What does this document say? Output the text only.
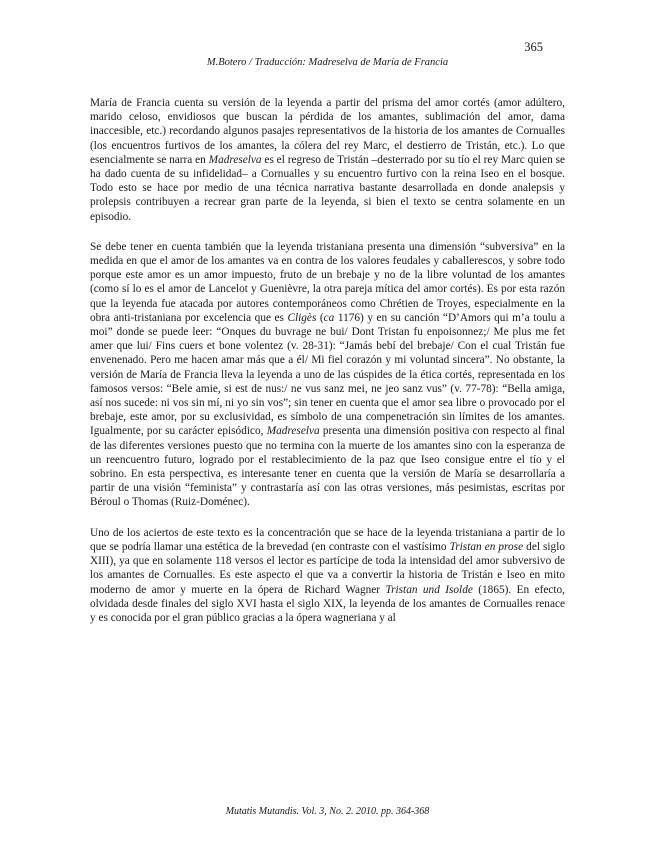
365
M.Botero / Traducción: Madreselva de María de Francia

María de Francia cuenta su versión de la leyenda a partir del prisma del amor cortés (amor adúltero, marido celoso, envidiosos que buscan la pérdida de los amantes, sublimación del amor, dama inaccesible, etc.) recordando algunos pasajes representativos de la historia de los amantes de Cornualles (los encuentros furtivos de los amantes, la cólera del rey Marc, el destierro de Tristán, etc.). Lo que esencialmente se narra en Madreselva es el regreso de Tristán –desterrado por su tío el rey Marc quien se ha dado cuenta de su infidelidad– a Cornualles y su encuentro furtivo con la reina Iseo en el bosque. Todo esto se hace por medio de una técnica narrativa bastante desarrollada en donde analepsis y prolepsis contribuyen a recrear gran parte de la leyenda, si bien el texto se centra solamente en un episodio.

Se debe tener en cuenta también que la leyenda tristaniana presenta una dimensión “subversiva” en la medida en que el amor de los amantes va en contra de los valores feudales y caballerescos, y sobre todo porque este amor es un amor impuesto, fruto de un brebaje y no de la libre voluntad de los amantes (como sí lo es el amor de Lancelot y Guenièvre, la otra pareja mítica del amor cortés). Es por esta razón que la leyenda fue atacada por autores contemporáneos como Chrétien de Troyes, especialmente en la obra anti-tristaniana por excelencia que es Cligès (ca 1176) y en su canción “D’Amors qui m’a toulu a moi” donde se puede leer: “Onques du buvrage ne bui/ Dont Tristan fu enpoisonnez;/ Me plus me fet amer que lui/ Fins cuers et bone volentez (v. 28-31): “Jamás bebí del brebaje/ Con el cual Tristán fue envenenado. Pero me hacen amar más que a él/ Mi fiel corazón y mi voluntad sincera”. No obstante, la versión de María de Francia lleva la leyenda a uno de las cúspides de la ética cortés, representada en los famosos versos: “Bele amie, si est de nus:/ ne vus sanz mei, ne jeo sanz vus” (v. 77-78): “Bella amiga, así nos sucede: ni vos sin mí, ni yo sin vos”; sin tener en cuenta que el amor sea libre o provocado por el brebaje, este amor, por su exclusividad, es símbolo de una compenetración sin límites de los amantes. Igualmente, por su carácter episódico, Madreselva presenta una dimensión positiva con respecto al final de las diferentes versiones puesto que no termina con la muerte de los amantes sino con la esperanza de un reencuentro futuro, logrado por el restablecimiento de la paz que Iseo consigue entre el tío y el sobrino. En esta perspectiva, es interesante tener en cuenta que la versión de María se desarrollaría a partir de una visión “feminista” y contrastaría así con las otras versiones, más pesimistas, escritas por Béroul o Thomas (Ruiz-Doménec).

Uno de los aciertos de este texto es la concentración que se hace de la leyenda tristaniana a partir de lo que se podría llamar una estética de la brevedad (en contraste con el vastísimo Tristan en prose del siglo XIII), ya que en solamente 118 versos el lector es partícipe de toda la intensidad del amor subversivo de los amantes de Cornualles. Es este aspecto el que va a convertir la historia de Tristán e Iseo en mito moderno de amor y muerte en la ópera de Richard Wagner Tristan und Isolde (1865). En efecto, olvidada desde finales del siglo XVI hasta el siglo XIX, la leyenda de los amantes de Cornualles renace y es conocida por el gran público gracias a la ópera wagneriana y al

Mutatis Mutandis. Vol. 3, No. 2. 2010. pp. 364-368
